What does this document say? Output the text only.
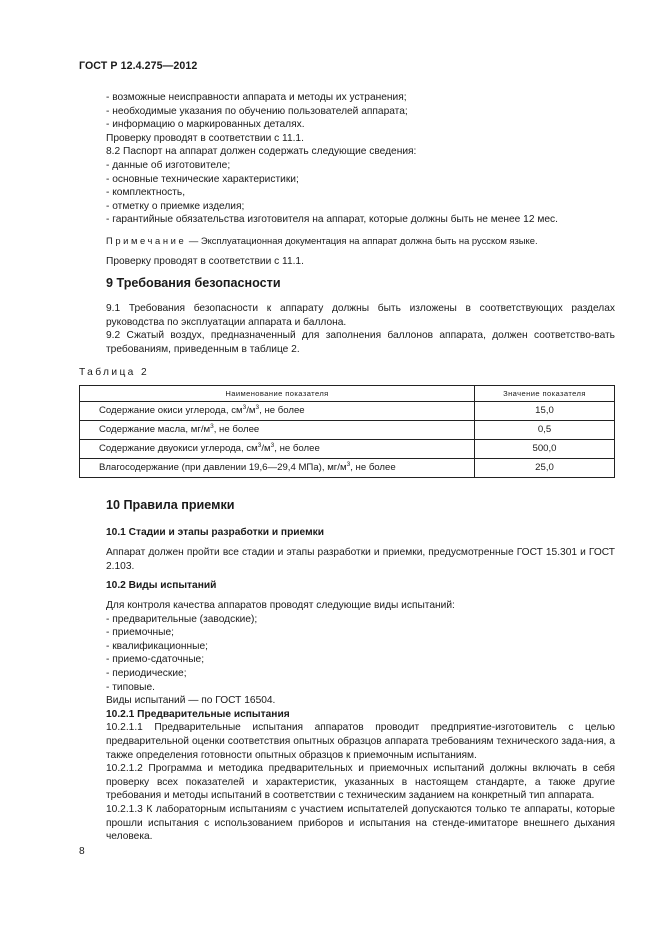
ГОСТ Р 12.4.275—2012

- возможные неисправности аппарата и методы их устранения;

- необходимые указания по обучению пользователей аппарата;

- информацию о маркированных деталях.

Проверку проводят в соответствии с 11.1.

8.2 Паспорт на аппарат должен содержать следующие сведения:

- данные об изготовителе;

- основные технические характеристики;

- комплектность,

- отметку о приемке изделия;

- гарантийные обязательства изготовителя на аппарат, которые должны быть не менее 12 мес.

Примечание — Эксплуатационная документация на аппарат должна быть на русском языке.

Проверку проводят в соответствии с 11.1.

9 Требования безопасности

9.1 Требования безопасности к аппарату должны быть изложены в соответствующих разделах руководства по эксплуатации аппарата и баллона.

9.2 Сжатый воздух, предназначенный для заполнения баллонов аппарата, должен соответство-вать требованиям, приведенным в таблице 2.

Таблица 2

Наименование показателя	Значение показателя
Содержание окиси углерода, $см^3/м^3$, не более	15,0
Содержание масла, $мг/м^3$, не более	0,5
Содержание двуокиси углерода, $см^3/м^3$, не более	500,0
Влагосодержание (при давлении 19,6—29,4 МПа), $мг/м^3$, не более	25,0

10 Правила приемки

10.1 Стадии и этапы разработки и приемки

Аппарат должен пройти все стадии и этапы разработки и приемки, предусмотренные ГОСТ 15.301 и ГОСТ 2.103.

10.2 Виды испытаний

Для контроля качества аппаратов проводят следующие виды испытаний:

- предварительные (заводские);

- приемочные;

- квалификационные;

- приемо-сдаточные;

- периодические;

- типовые.

Виды испытаний — по ГОСТ 16504.

10.2.1 Предварительные испытания

10.2.1.1 Предварительные испытания аппаратов проводит предприятие-изготовитель с целью предварительной оценки соответствия опытных образцов аппарата требованиям технического зада-ния, а также определения готовности опытных образцов к приемочным испытаниям.

10.2.1.2 Программа и методика предварительных и приемочных испытаний должны включать в себя проверку всех показателей и характеристик, указанных в настоящем стандарте, а также другие требования и методы испытаний в соответствии с техническим заданием на конкретный тип аппарата.

10.2.1.3 К лабораторным испытаниям с участием испытателей допускаются только те аппараты, которые прошли испытания с использованием приборов и испытания на стенде-имитаторе внешнего дыхания человека.

8
